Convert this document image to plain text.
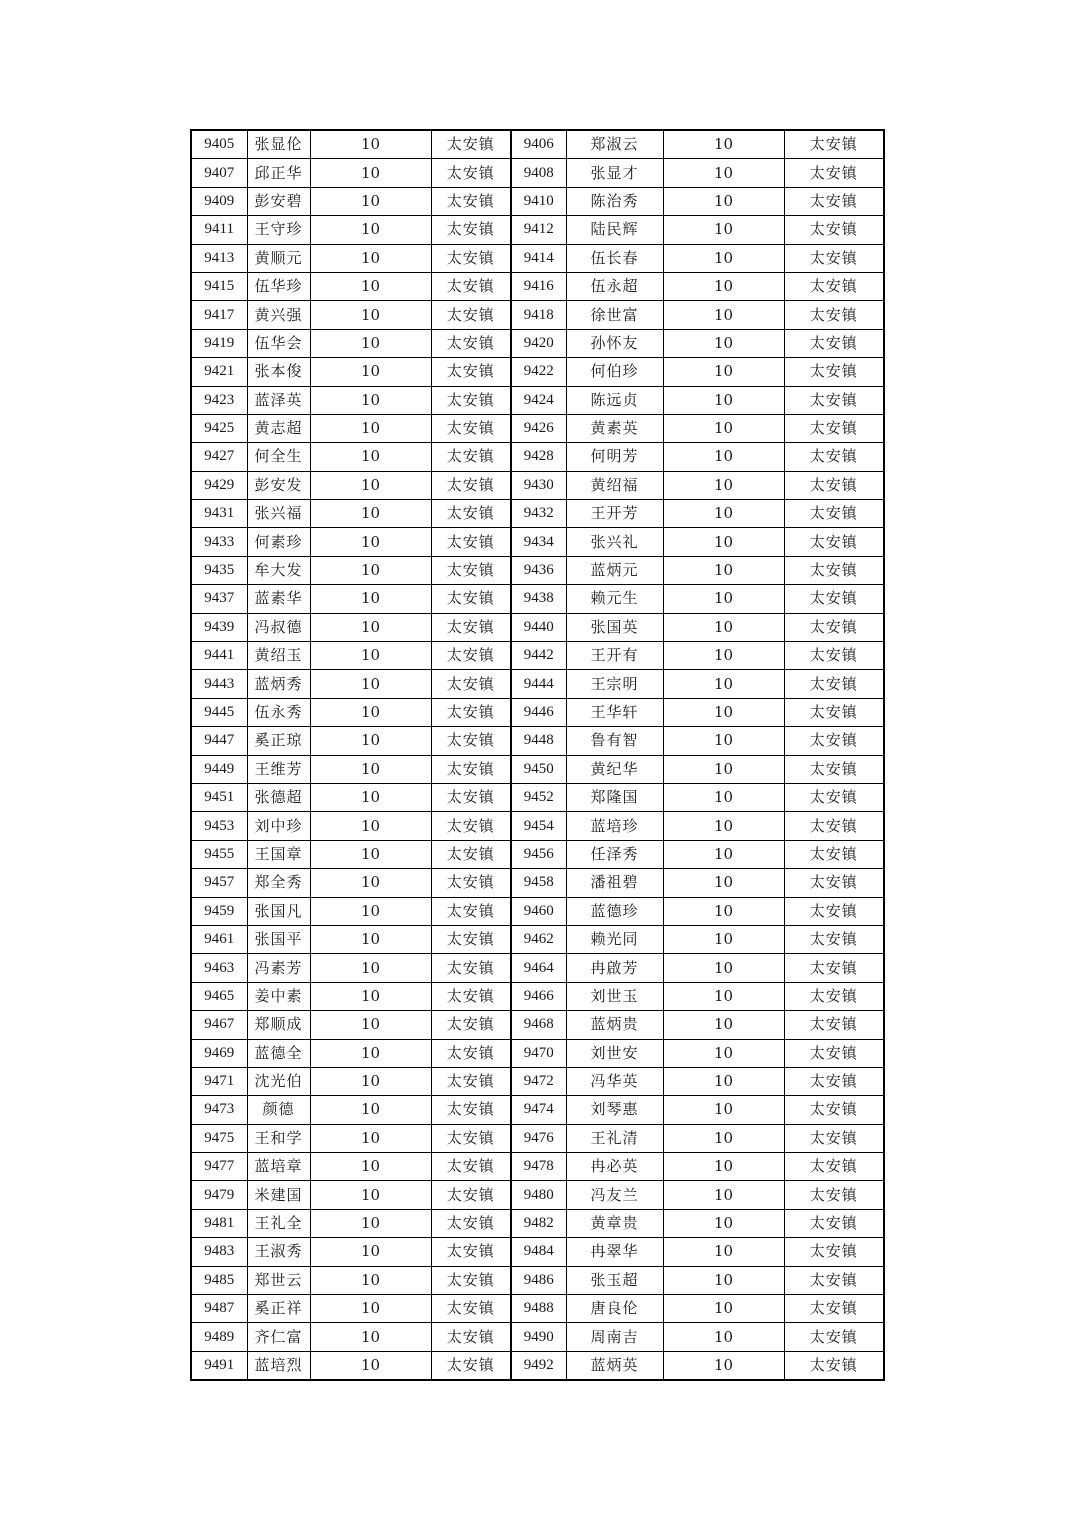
9405	张显伦	10	太安镇	9406	郑淑云	10	太安镇
9407	邱正华	10	太安镇	9408	张显才	10	太安镇
9409	彭安碧	10	太安镇	9410	陈治秀	10	太安镇
9411	王守珍	10	太安镇	9412	陆民辉	10	太安镇
9413	黄顺元	10	太安镇	9414	伍长春	10	太安镇
9415	伍华珍	10	太安镇	9416	伍永超	10	太安镇
9417	黄兴强	10	太安镇	9418	徐世富	10	太安镇
9419	伍华会	10	太安镇	9420	孙怀友	10	太安镇
9421	张本俊	10	太安镇	9422	何伯珍	10	太安镇
9423	蓝泽英	10	太安镇	9424	陈远贞	10	太安镇
9425	黄志超	10	太安镇	9426	黄素英	10	太安镇
9427	何全生	10	太安镇	9428	何明芳	10	太安镇
9429	彭安发	10	太安镇	9430	黄绍福	10	太安镇
9431	张兴福	10	太安镇	9432	王开芳	10	太安镇
9433	何素珍	10	太安镇	9434	张兴礼	10	太安镇
9435	牟大发	10	太安镇	9436	蓝炳元	10	太安镇
9437	蓝素华	10	太安镇	9438	赖元生	10	太安镇
9439	冯叔德	10	太安镇	9440	张国英	10	太安镇
9441	黄绍玉	10	太安镇	9442	王开有	10	太安镇
9443	蓝炳秀	10	太安镇	9444	王宗明	10	太安镇
9445	伍永秀	10	太安镇	9446	王华轩	10	太安镇
9447	奚正琼	10	太安镇	9448	鲁有智	10	太安镇
9449	王维芳	10	太安镇	9450	黄纪华	10	太安镇
9451	张德超	10	太安镇	9452	郑隆国	10	太安镇
9453	刘中珍	10	太安镇	9454	蓝培珍	10	太安镇
9455	王国章	10	太安镇	9456	任泽秀	10	太安镇
9457	郑全秀	10	太安镇	9458	潘祖碧	10	太安镇
9459	张国凡	10	太安镇	9460	蓝德珍	10	太安镇
9461	张国平	10	太安镇	9462	赖光同	10	太安镇
9463	冯素芳	10	太安镇	9464	冉啟芳	10	太安镇
9465	姜中素	10	太安镇	9466	刘世玉	10	太安镇
9467	郑顺成	10	太安镇	9468	蓝炳贵	10	太安镇
9469	蓝德全	10	太安镇	9470	刘世安	10	太安镇
9471	沈光伯	10	太安镇	9472	冯华英	10	太安镇
9473	颜德	10	太安镇	9474	刘琴惠	10	太安镇
9475	王和学	10	太安镇	9476	王礼清	10	太安镇
9477	蓝培章	10	太安镇	9478	冉必英	10	太安镇
9479	米建国	10	太安镇	9480	冯友兰	10	太安镇
9481	王礼全	10	太安镇	9482	黄章贵	10	太安镇
9483	王淑秀	10	太安镇	9484	冉翠华	10	太安镇
9485	郑世云	10	太安镇	9486	张玉超	10	太安镇
9487	奚正祥	10	太安镇	9488	唐良伦	10	太安镇
9489	齐仁富	10	太安镇	9490	周南吉	10	太安镇
9491	蓝培烈	10	太安镇	9492	蓝炳英	10	太安镇
